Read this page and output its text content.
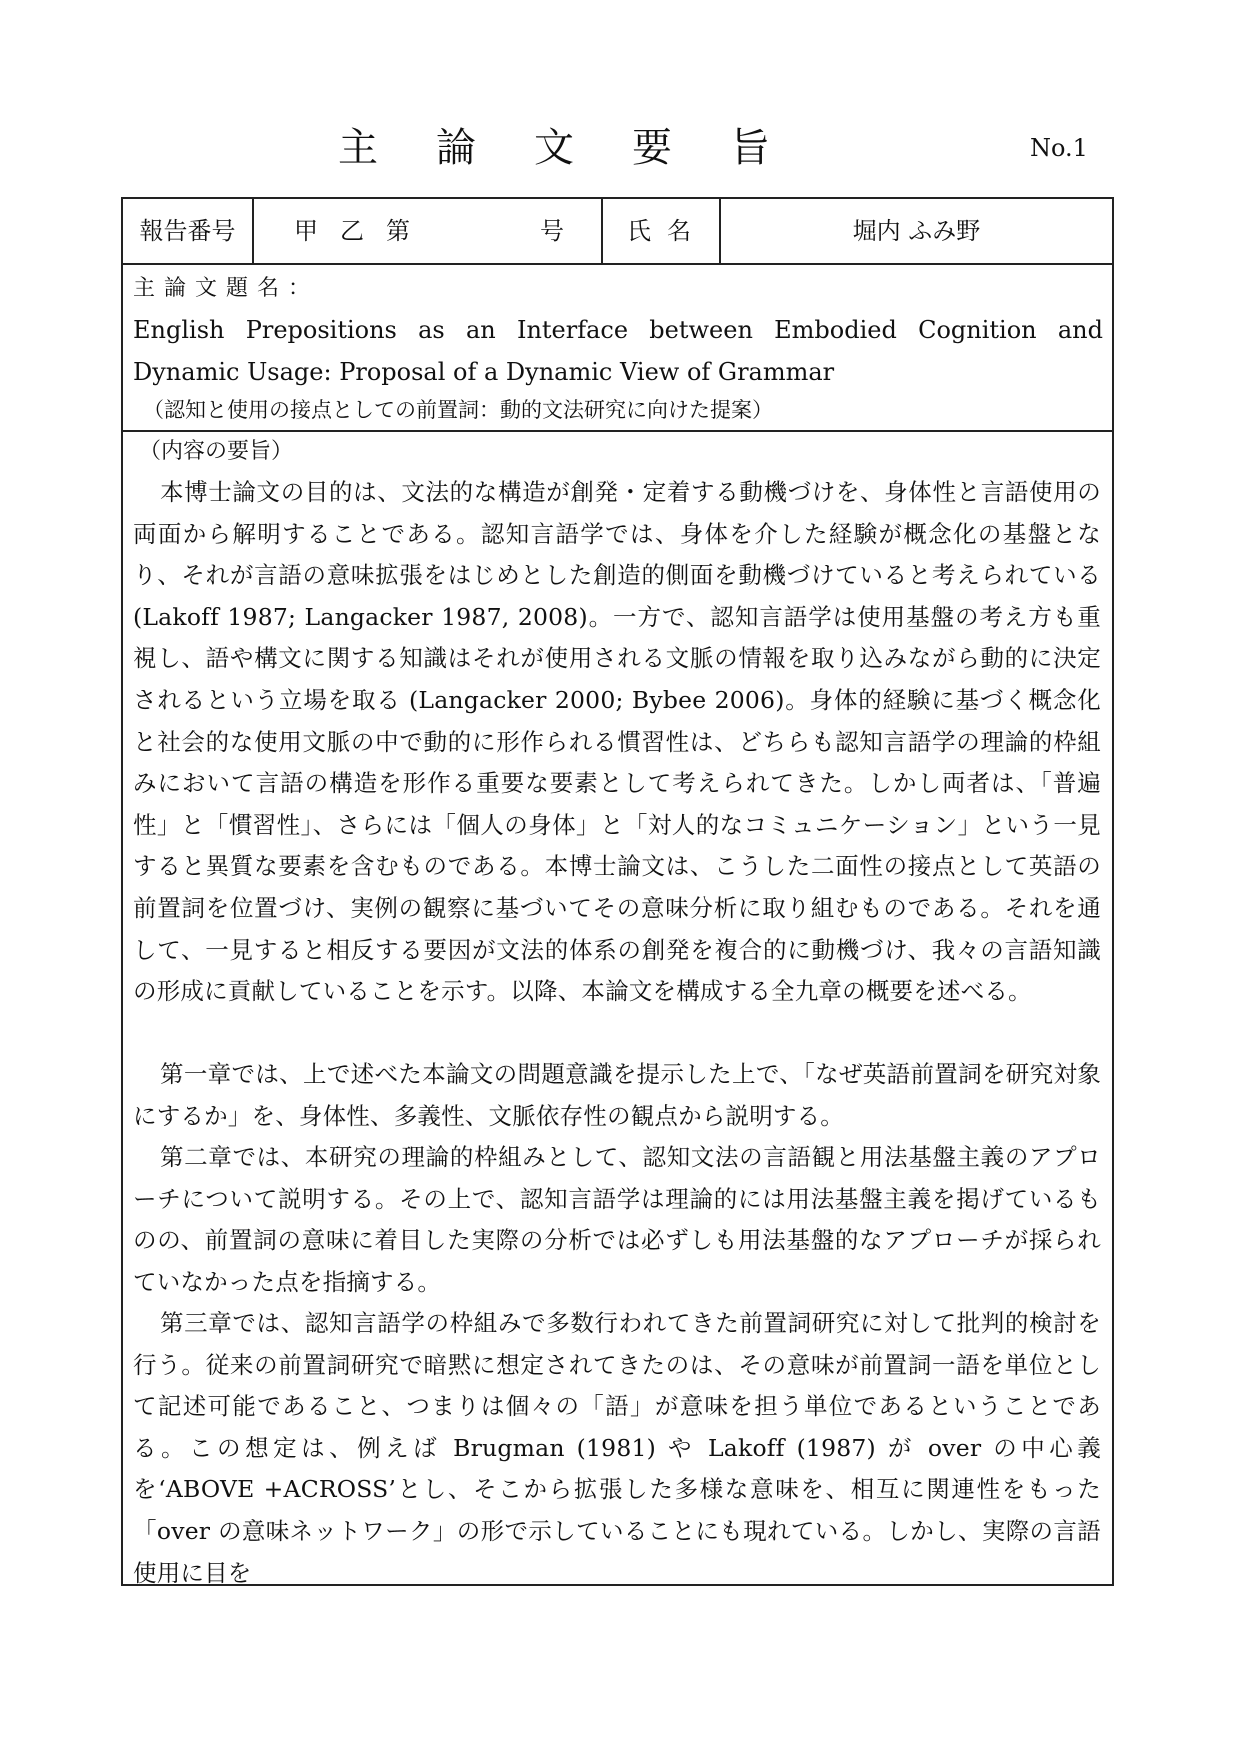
主論文要旨	No.1
報告番号	甲 乙 第	号	氏名	堀内 ふみ野
主論文題名：

English Prepositions as an Interface between Embodied Cognition and Dynamic Usage: Proposal of a Dynamic View of Grammar

（認知と使用の接点としての前置詞：動的文法研究に向けた提案）
（内容の要旨）

本博士論文の目的は、文法的な構造が創発・定着する動機づけを、身体性と言語使用の両面から解明することである。認知言語学では、身体を介した経験が概念化の基盤となり、それが言語の意味拡張をはじめとした創造的側面を動機づけていると考えられている (Lakoff 1987; Langacker 1987, 2008)。一方で、認知言語学は使用基盤の考え方も重視し、語や構文に関する知識はそれが使用される文脈の情報を取り込みながら動的に決定されるという立場を取る (Langacker 2000; Bybee 2006)。身体的経験に基づく概念化と社会的な使用文脈の中で動的に形作られる慣習性は、どちらも認知言語学の理論的枠組みにおいて言語の構造を形作る重要な要素として考えられてきた。しかし両者は、「普遍性」と「慣習性」、さらには「個人の身体」と「対人的なコミュニケーション」という一見すると異質な要素を含むものである。本博士論文は、こうした二面性の接点として英語の前置詞を位置づけ、実例の観察に基づいてその意味分析に取り組むものである。それを通して、一見すると相反する要因が文法的体系の創発を複合的に動機づけ、我々の言語知識の形成に貢献していることを示す。以降、本論文を構成する全九章の概要を述べる。

第一章では、上で述べた本論文の問題意識を提示した上で、「なぜ英語前置詞を研究対象にするか」を、身体性、多義性、文脈依存性の観点から説明する。

第二章では、本研究の理論的枠組みとして、認知文法の言語観と用法基盤主義のアプローチについて説明する。その上で、認知言語学は理論的には用法基盤主義を掲げているものの、前置詞の意味に着目した実際の分析では必ずしも用法基盤的なアプローチが採られていなかった点を指摘する。

第三章では、認知言語学の枠組みで多数行われてきた前置詞研究に対して批判的検討を行う。従来の前置詞研究で暗黙に想定されてきたのは、その意味が前置詞一語を単位として記述可能であること、つまりは個々の「語」が意味を担う単位であるということである。この想定は、例えば Brugman (1981) や Lakoff (1987) が over の中心義を‘ABOVE +ACROSS’とし、そこから拡張した多様な意味を、相互に関連性をもった「over の意味ネットワーク」の形で示していることにも現れている。しかし、実際の言語使用に目を
